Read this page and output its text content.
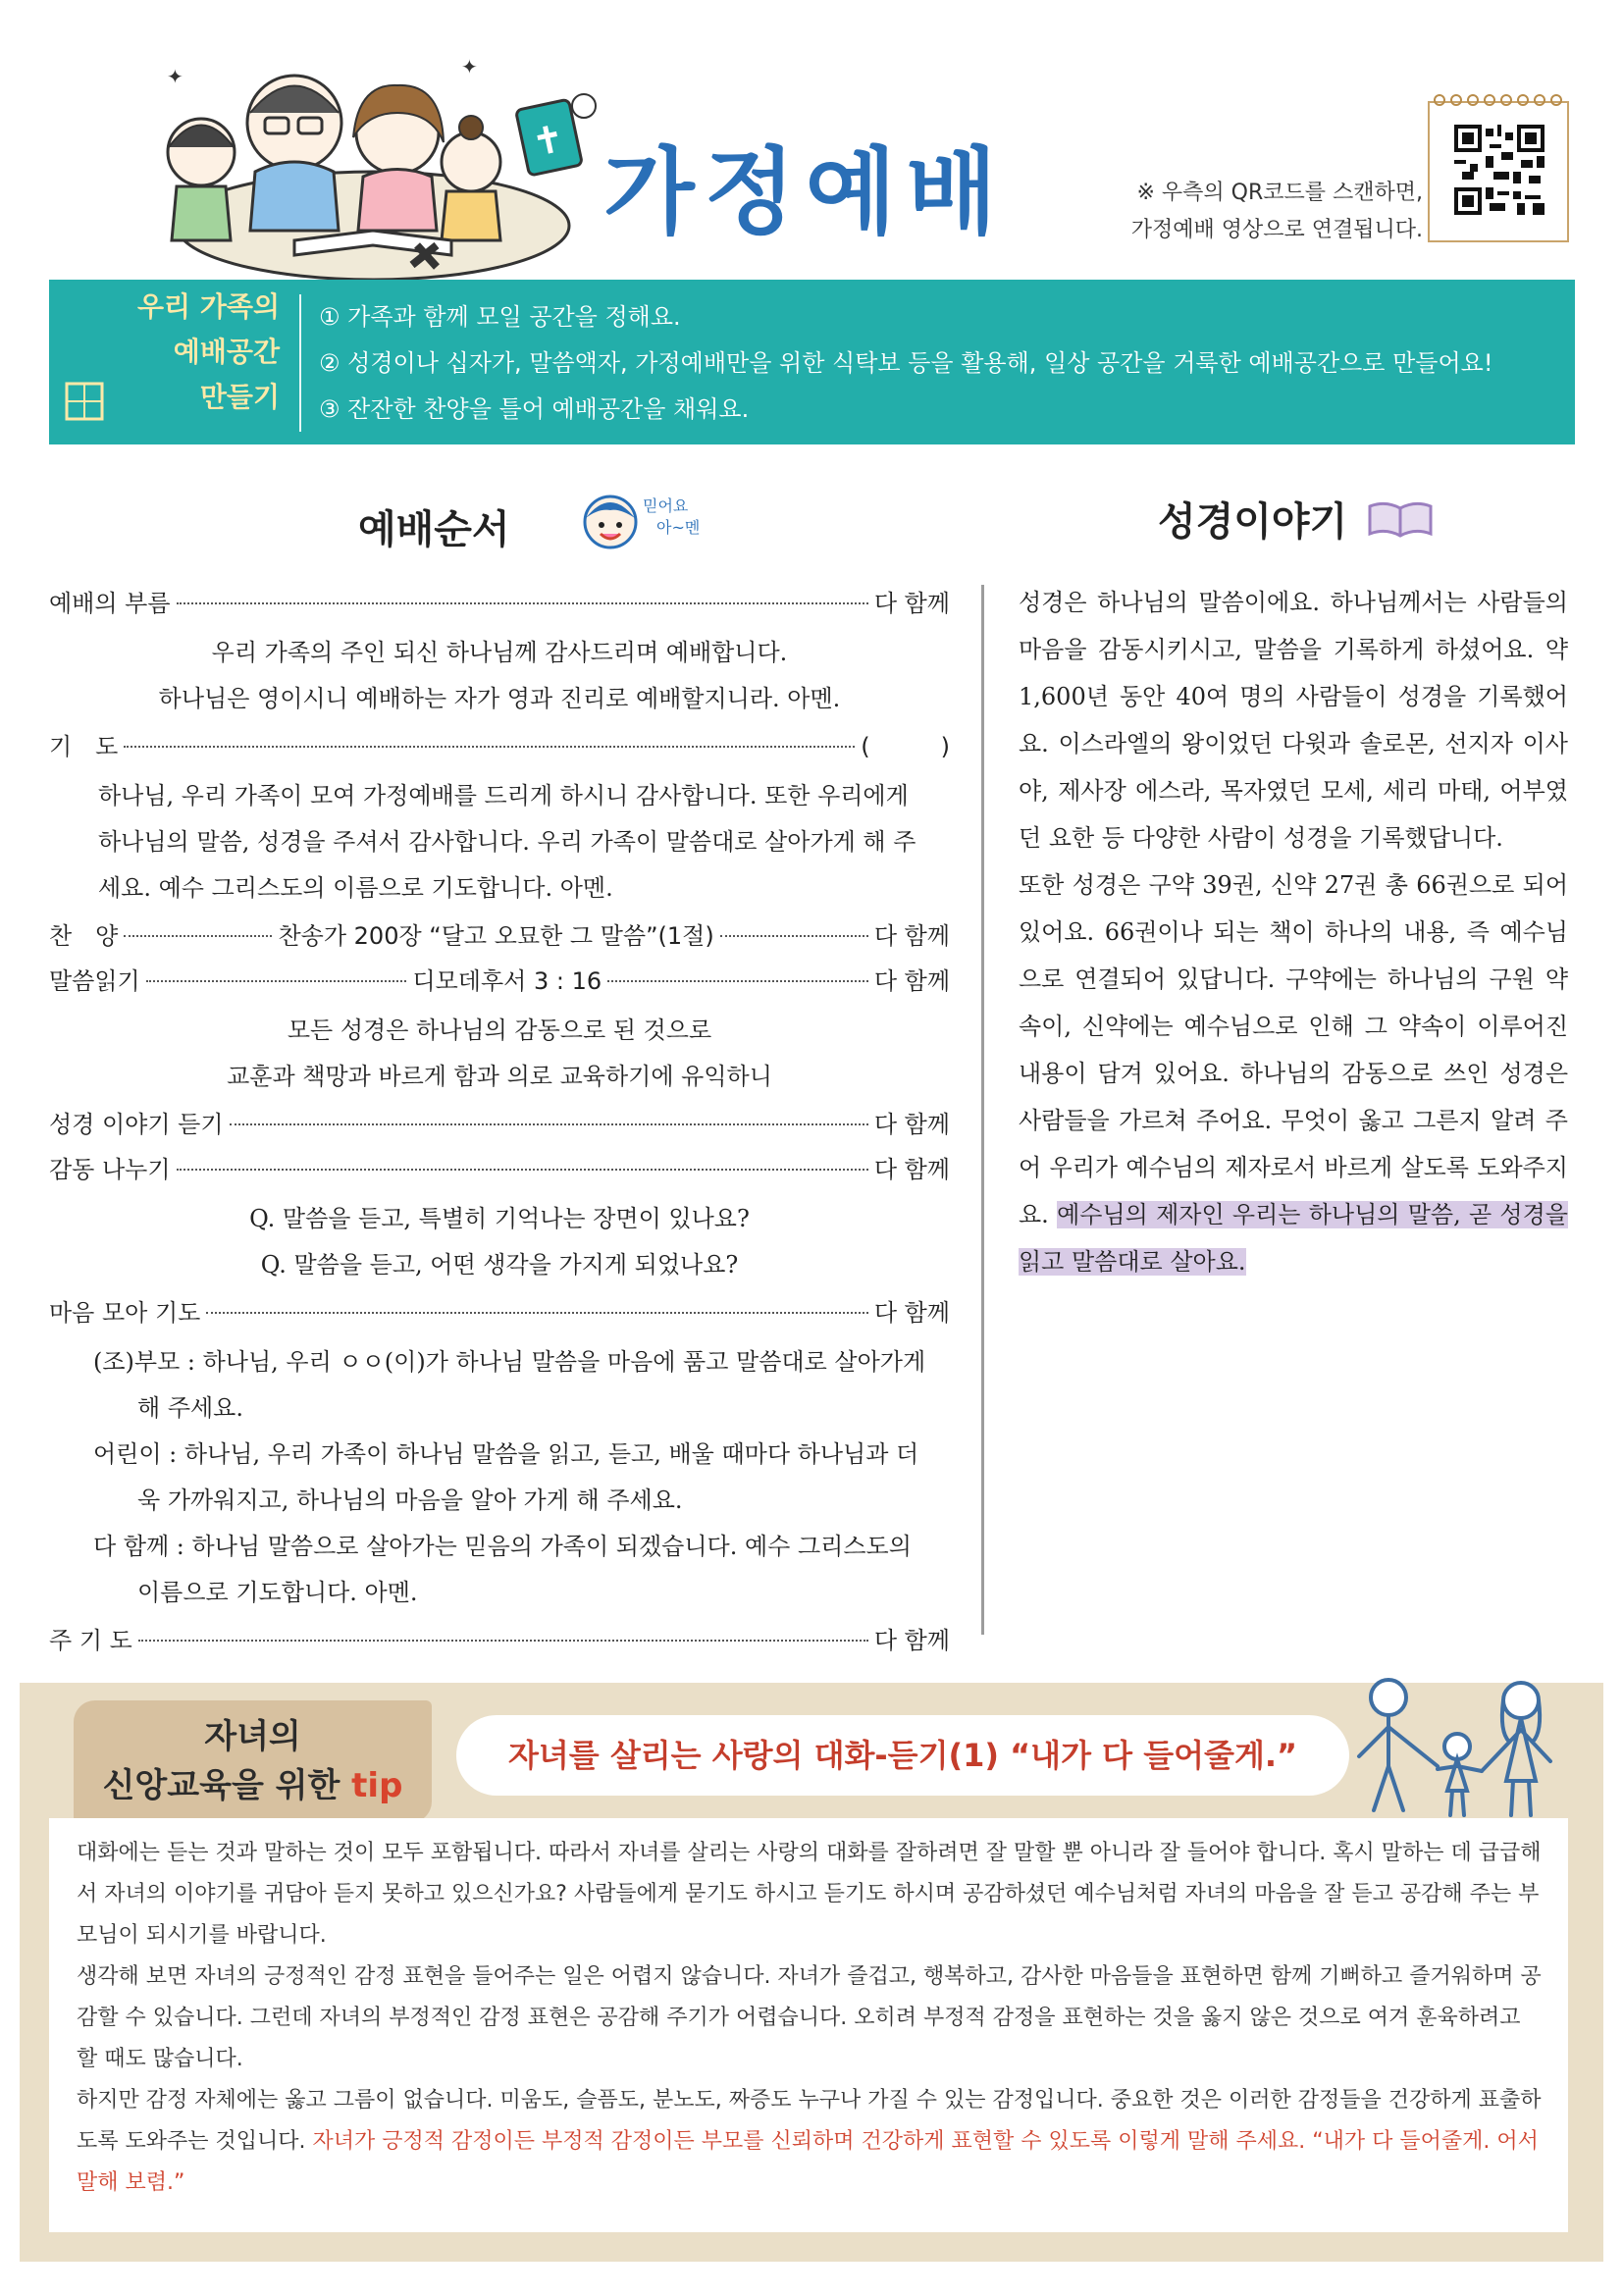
✦	✦
가정예배	※ 우측의 QR코드를 스캔하면,
가정예배 영상으로 연결됩니다.
우리 가족의
예배공간
만들기
① 가족과 함께 모일 공간을 정해요.
② 성경이나 십자가, 말씀액자, 가정예배만을 위한 식탁보 등을 활용해, 일상 공간을 거룩한 예배공간으로 만들어요!
③ 잔잔한 찬양을 틀어 예배공간을 채워요.
예배순서
믿어요
아~멘	성경이야기
예배의 부름	다 함께
우리 가족의 주인 되신 하나님께 감사드리며 예배합니다.
하나님은 영이시니 예배하는 자가 영과 진리로 예배할지니라. 아멘.
기　도	(　　　)
하나님, 우리 가족이 모여 가정예배를 드리게 하시니 감사합니다. 또한 우리에게 하나님의 말씀, 성경을 주셔서 감사합니다. 우리 가족이 말씀대로 살아가게 해 주세요. 예수 그리스도의 이름으로 기도합니다. 아멘.
찬　양	찬송가 200장 “달고 오묘한 그 말씀”(1절)	다 함께
말씀읽기	디모데후서 3 : 16	다 함께
모든 성경은 하나님의 감동으로 된 것으로
교훈과 책망과 바르게 함과 의로 교육하기에 유익하니
성경 이야기 듣기	다 함께
감동 나누기	다 함께
Q. 말씀을 듣고, 특별히 기억나는 장면이 있나요?
Q. 말씀을 듣고, 어떤 생각을 가지게 되었나요?
마음 모아 기도	다 함께
(조)부모 : 하나님, 우리 ㅇㅇ(이)가 하나님 말씀을 마음에 품고 말씀대로 살아가게 해 주세요.
어린이 : 하나님, 우리 가족이 하나님 말씀을 읽고, 듣고, 배울 때마다 하나님과 더욱 가까워지고, 하나님의 마음을 알아 가게 해 주세요.
다 함께 : 하나님 말씀으로 살아가는 믿음의 가족이 되겠습니다. 예수 그리스도의 이름으로 기도합니다. 아멘.
주 기 도	다 함께
성경은 하나님의 말씀이에요. 하나님께서는 사람들의 마음을 감동시키시고, 말씀을 기록하게 하셨어요. 약 1,600년 동안 40여 명의 사람들이 성경을 기록했어요. 이스라엘의 왕이었던 다윗과 솔로몬, 선지자 이사야, 제사장 에스라, 목자였던 모세, 세리 마태, 어부였던 요한 등 다양한 사람이 성경을 기록했답니다.
또한 성경은 구약 39권, 신약 27권 총 66권으로 되어 있어요. 66권이나 되는 책이 하나의 내용, 즉 예수님으로 연결되어 있답니다. 구약에는 하나님의 구원 약속이, 신약에는 예수님으로 인해 그 약속이 이루어진 내용이 담겨 있어요. 하나님의 감동으로 쓰인 성경은 사람들을 가르쳐 주어요. 무엇이 옳고 그른지 알려 주어 우리가 예수님의 제자로서 바르게 살도록 도와주지요. 예수님의 제자인 우리는 하나님의 말씀, 곧 성경을 읽고 말씀대로 살아요.
자녀의
신앙교육을 위한 tip
자녀를 살리는 사랑의 대화-듣기(1) “내가 다 들어줄게.”
대화에는 듣는 것과 말하는 것이 모두 포함됩니다. 따라서 자녀를 살리는 사랑의 대화를 잘하려면 잘 말할 뿐 아니라 잘 들어야 합니다. 혹시 말하는 데 급급해서 자녀의 이야기를 귀담아 듣지 못하고 있으신가요? 사람들에게 묻기도 하시고 듣기도 하시며 공감하셨던 예수님처럼 자녀의 마음을 잘 듣고 공감해 주는 부모님이 되시기를 바랍니다.
생각해 보면 자녀의 긍정적인 감정 표현을 들어주는 일은 어렵지 않습니다. 자녀가 즐겁고, 행복하고, 감사한 마음들을 표현하면 함께 기뻐하고 즐거워하며 공감할 수 있습니다. 그런데 자녀의 부정적인 감정 표현은 공감해 주기가 어렵습니다. 오히려 부정적 감정을 표현하는 것을 옳지 않은 것으로 여겨 훈육하려고 할 때도 많습니다.
하지만 감정 자체에는 옳고 그름이 없습니다. 미움도, 슬픔도, 분노도, 짜증도 누구나 가질 수 있는 감정입니다. 중요한 것은 이러한 감정들을 건강하게 표출하도록 도와주는 것입니다. 자녀가 긍정적 감정이든 부정적 감정이든 부모를 신뢰하며 건강하게 표현할 수 있도록 이렇게 말해 주세요. “내가 다 들어줄게. 어서 말해 보렴.”
